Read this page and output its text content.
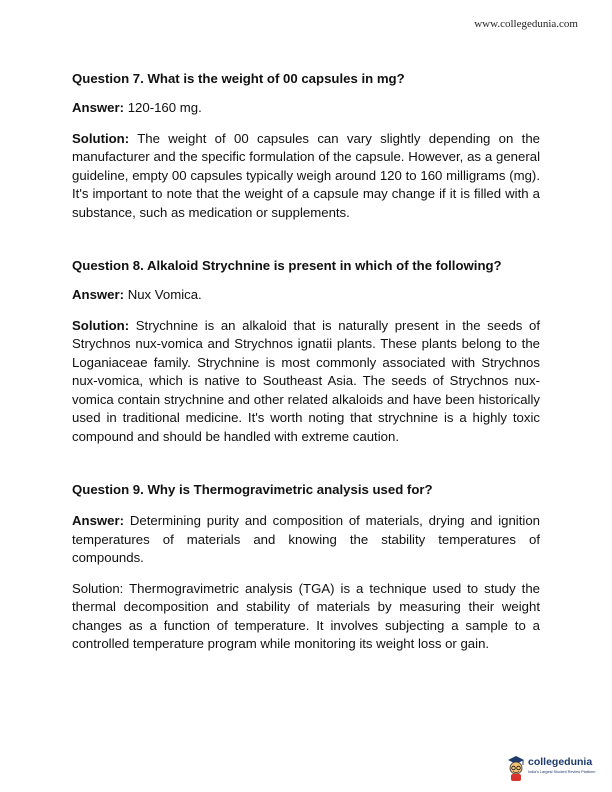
www.collegedunia.com

Question 7. What is the weight of 00 capsules in mg?

Answer: 120-160 mg.

Solution: The weight of 00 capsules can vary slightly depending on the manufacturer and the specific formulation of the capsule. However, as a general guideline, empty 00 capsules typically weigh around 120 to 160 milligrams (mg). It's important to note that the weight of a capsule may change if it is filled with a substance, such as medication or supplements.

Question 8. Alkaloid Strychnine is present in which of the following?

Answer: Nux Vomica.

Solution: Strychnine is an alkaloid that is naturally present in the seeds of Strychnos nux-vomica and Strychnos ignatii plants. These plants belong to the Loganiaceae family. Strychnine is most commonly associated with Strychnos nux-vomica, which is native to Southeast Asia. The seeds of Strychnos nux-vomica contain strychnine and other related alkaloids and have been historically used in traditional medicine. It's worth noting that strychnine is a highly toxic compound and should be handled with extreme caution.

Question 9. Why is Thermogravimetric analysis used for?

Answer: Determining purity and composition of materials, drying and ignition temperatures of materials and knowing the stability temperatures of compounds.

Solution: Thermogravimetric analysis (TGA) is a technique used to study the thermal decomposition and stability of materials by measuring their weight changes as a function of temperature. It involves subjecting a sample to a controlled temperature program while monitoring its weight loss or gain.

collegedunia
India's Largest Student Review Platform
